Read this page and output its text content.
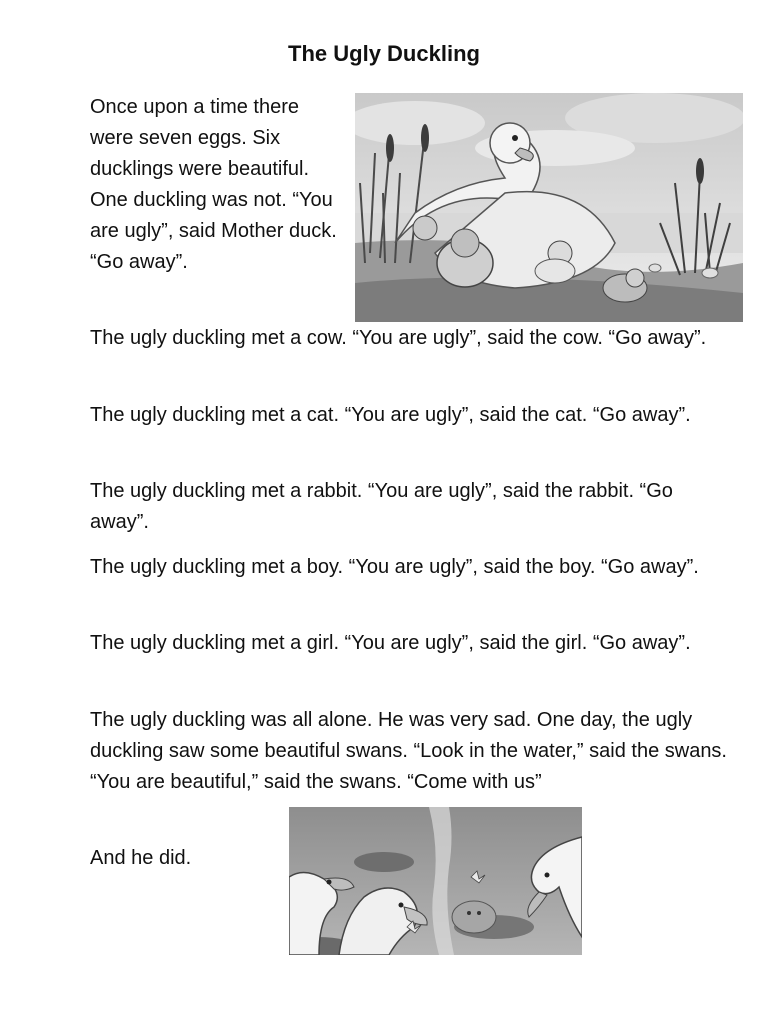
The Ugly Duckling

Once upon a time there were seven eggs. Six ducklings were beautiful. One duckling was not. “You are ugly”, said Mother duck. “Go away”.

The ugly duckling met a cow. “You are ugly”, said the cow. “Go away”.

The ugly duckling met a cat. “You are ugly”, said the cat. “Go away”.

The ugly duckling met a rabbit. “You are ugly”, said the rabbit. “Go away”.

The ugly duckling met a boy. “You are ugly”, said the boy. “Go away”.

The ugly duckling met a girl. “You are ugly”, said the girl. “Go away”.

The ugly duckling was all alone. He was very sad. One day, the ugly duckling saw some beautiful swans. “Look in the water,” said the swans. “You are beautiful,” said the swans. “Come with us”

And he did.
